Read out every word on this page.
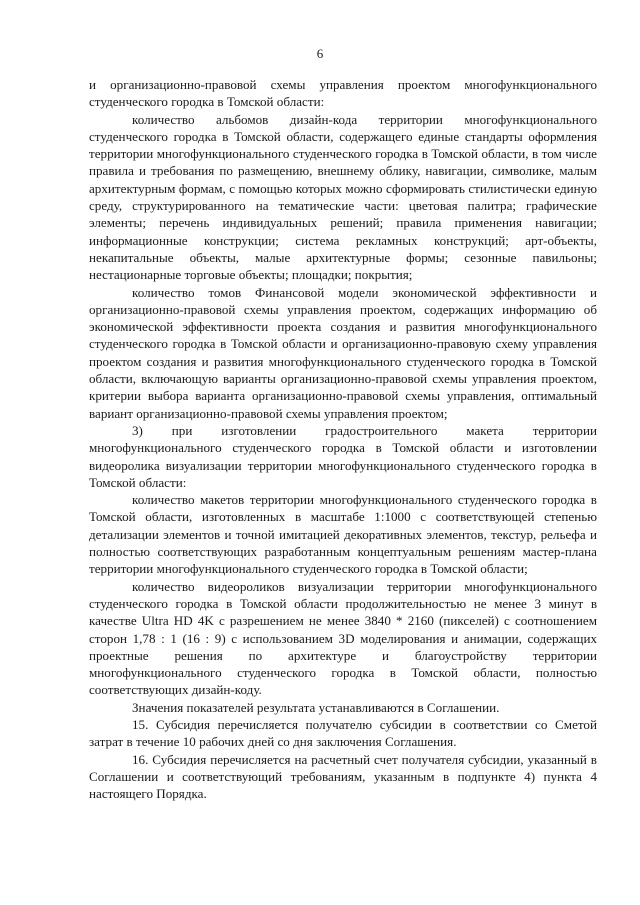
6

и организационно-правовой схемы управления проектом многофункционального студенческого городка в Томской области:

количество альбомов дизайн-кода территории многофункционального студенческого городка в Томской области, содержащего единые стандарты оформления территории многофункционального студенческого городка в Томской области, в том числе правила и требования по размещению, внешнему облику, навигации, символике, малым архитектурным формам, с помощью которых можно сформировать стилистически единую среду, структурированного на тематические части: цветовая палитра; графические элементы; перечень индивидуальных решений; правила применения навигации; информационные конструкции; система рекламных конструкций; арт-объекты, некапитальные объекты, малые архитектурные формы; сезонные павильоны; нестационарные торговые объекты; площадки; покрытия;

количество томов Финансовой модели экономической эффективности и организационно-правовой схемы управления проектом, содержащих информацию об экономической эффективности проекта создания и развития многофункционального студенческого городка в Томской области и организационно-правовую схему управления проектом создания и развития многофункционального студенческого городка в Томской области, включающую варианты организационно-правовой схемы управления проектом, критерии выбора варианта организационно-правовой схемы управления, оптимальный вариант организационно-правовой схемы управления проектом;

3) при изготовлении градостроительного макета территории многофункционального студенческого городка в Томской области и изготовлении видеоролика визуализации территории многофункционального студенческого городка в Томской области:

количество макетов территории многофункционального студенческого городка в Томской области, изготовленных в масштабе 1:1000 с соответствующей степенью детализации элементов и точной имитацией декоративных элементов, текстур, рельефа и полностью соответствующих разработанным концептуальным решениям мастер-плана территории многофункционального студенческого городка в Томской области;

количество видеороликов визуализации территории многофункционального студенческого городка в Томской области продолжительностью не менее 3 минут в качестве Ultra HD 4K с разрешением не менее 3840 * 2160 (пикселей) с соотношением сторон 1,78 : 1 (16 : 9) с использованием 3D моделирования и анимации, содержащих проектные решения по архитектуре и благоустройству территории многофункционального студенческого городка в Томской области, полностью соответствующих дизайн-коду.

Значения показателей результата устанавливаются в Соглашении.

15. Субсидия перечисляется получателю субсидии в соответствии со Сметой затрат в течение 10 рабочих дней со дня заключения Соглашения.

16. Субсидия перечисляется на расчетный счет получателя субсидии, указанный в Соглашении и соответствующий требованиям, указанным в подпункте 4) пункта 4 настоящего Порядка.
